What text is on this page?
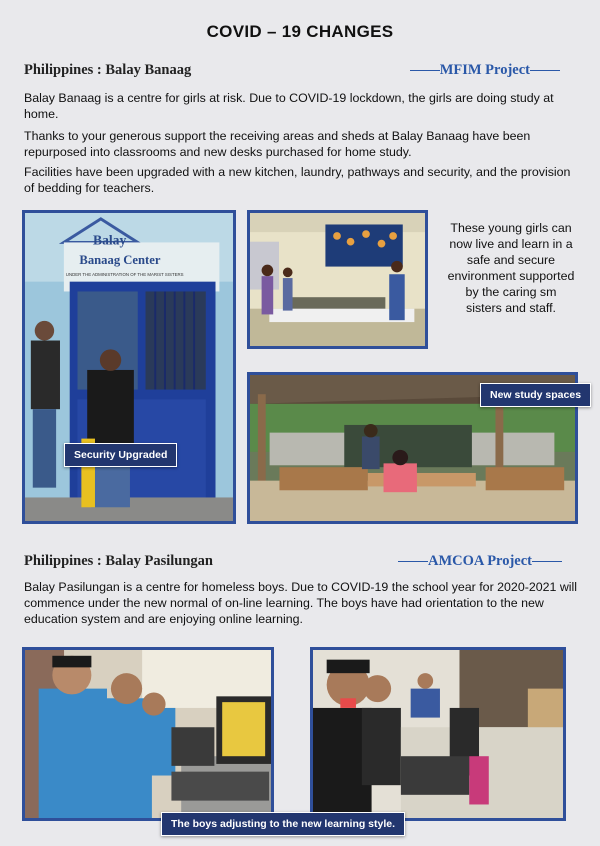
COVID – 19 CHANGES
Philippines : Balay Banaag	MFIM Project
Balay Banaag is a centre for girls at risk. Due to COVID-19 lockdown, the girls are doing study at home.
Thanks to your generous support the receiving areas and sheds at Balay Banaag have been repurposed into classrooms and new desks purchased for home study.
Facilities have been upgraded with a new kitchen, laundry, pathways and security, and the provision of bedding for teachers.
Balay
Banaag Center
UNDER THE ADMINISTRATION OF THE MARIST SISTERS
Security Upgraded
These young girls can now live and learn in a safe and secure environment supported by the caring sm sisters and staff.
New study spaces
Philippines : Balay Pasilungan	AMCOA Project
Balay Pasilungan is a centre for homeless boys. Due to COVID-19 the school year for 2020-2021 will commence under the new normal of on-line learning. The boys have had orientation to the new education system and are enjoying online learning.
The boys adjusting to the new learning style.
